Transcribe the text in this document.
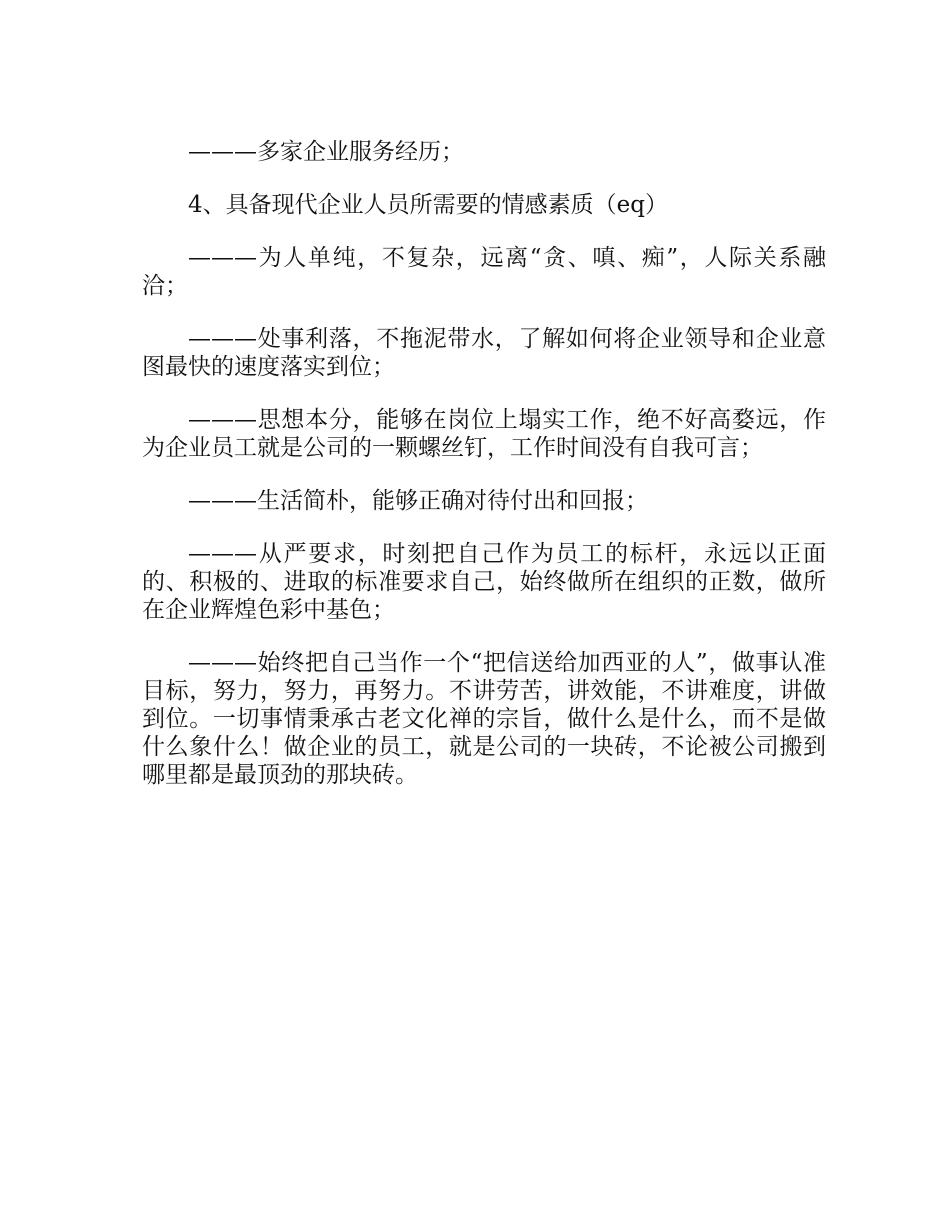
———多家企业服务经历；

4、具备现代企业人员所需要的情感素质（eq）

———为人单纯，不复杂，远离“贪、嗔、痴”，人际关系融洽；

———处事利落，不拖泥带水，了解如何将企业领导和企业意图最快的速度落实到位；

———思想本分，能够在岗位上塌实工作，绝不好高婺远，作为企业员工就是公司的一颗螺丝钉，工作时间没有自我可言；

———生活简朴，能够正确对待付出和回报；

———从严要求，时刻把自己作为员工的标杆，永远以正面的、积极的、进取的标准要求自己，始终做所在组织的正数，做所在企业辉煌色彩中基色；

———始终把自己当作一个“把信送给加西亚的人”，做事认准目标，努力，努力，再努力。不讲劳苦，讲效能，不讲难度，讲做到位。一切事情秉承古老文化禅的宗旨，做什么是什么，而不是做什么象什么！做企业的员工，就是公司的一块砖，不论被公司搬到哪里都是最顶劲的那块砖。
